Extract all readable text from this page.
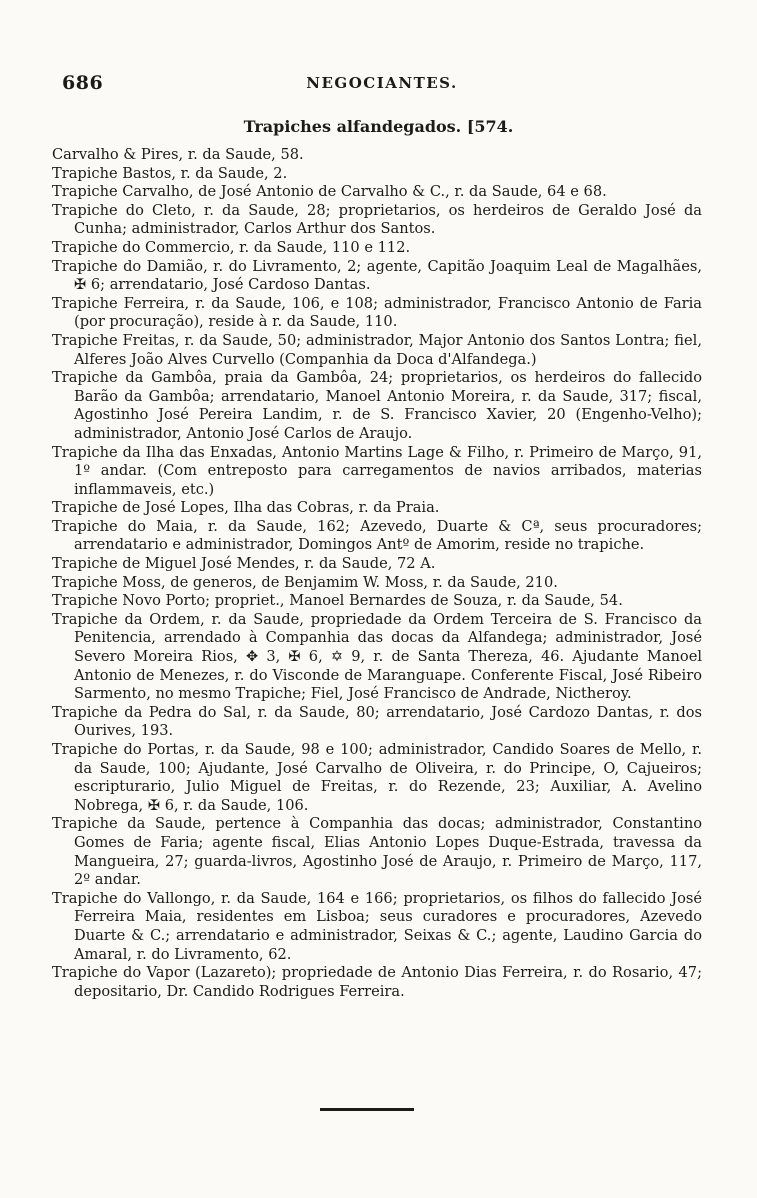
686	NEGOCIANTES.
Trapiches alfandegados. [574.

Carvalho & Pires, r. da Saude, 58.

Trapiche Bastos, r. da Saude, 2.

Trapiche Carvalho, de José Antonio de Carvalho & C., r. da Saude, 64 e 68.

Trapiche do Cleto, r. da Saude, 28; proprietarios, os herdeiros de Geraldo José da Cunha; administrador, Carlos Arthur dos Santos.

Trapiche do Commercio, r. da Saude, 110 e 112.

Trapiche do Damião, r. do Livramento, 2; agente, Capitão Joaquim Leal de Magalhães, ✠ 6; arrendatario, José Cardoso Dantas.

Trapiche Ferreira, r. da Saude, 106, e 108; administrador, Francisco Antonio de Faria (por procuração), reside à r. da Saude, 110.

Trapiche Freitas, r. da Saude, 50; administrador, Major Antonio dos Santos Lontra; fiel, Alferes João Alves Curvello (Companhia da Doca d'Alfandega.)

Trapiche da Gambôa, praia da Gambôa, 24; proprietarios, os herdeiros do fallecido Barão da Gambôa; arrendatario, Manoel Antonio Moreira, r. da Saude, 317; fiscal, Agostinho José Pereira Landim, r. de S. Francisco Xavier, 20 (Engenho-Velho); administrador, Antonio José Carlos de Araujo.

Trapiche da Ilha das Enxadas, Antonio Martins Lage & Filho, r. Primeiro de Março, 91, 1º andar. (Com entreposto para carregamentos de navios arribados, materias inflammaveis, etc.)

Trapiche de José Lopes, Ilha das Cobras, r. da Praia.

Trapiche do Maia, r. da Saude, 162; Azevedo, Duarte & Cª, seus procuradores; arrendatario e administrador, Domingos Antº de Amorim, reside no trapiche.

Trapiche de Miguel José Mendes, r. da Saude, 72 A.

Trapiche Moss, de generos, de Benjamim W. Moss, r. da Saude, 210.

Trapiche Novo Porto; propriet., Manoel Bernardes de Souza, r. da Saude, 54.

Trapiche da Ordem, r. da Saude, propriedade da Ordem Terceira de S. Francisco da Penitencia, arrendado à Companhia das docas da Alfandega; administrador, José Severo Moreira Rios, ✥ 3, ✠ 6, ✡ 9, r. de Santa Thereza, 46. Ajudante Manoel Antonio de Menezes, r. do Visconde de Maranguape. Conferente Fiscal, José Ribeiro Sarmento, no mesmo Trapiche; Fiel, José Francisco de Andrade, Nictheroy.

Trapiche da Pedra do Sal, r. da Saude, 80; arrendatario, José Cardozo Dantas, r. dos Ourives, 193.

Trapiche do Portas, r. da Saude, 98 e 100; administrador, Candido Soares de Mello, r. da Saude, 100; Ajudante, José Carvalho de Oliveira, r. do Principe, O, Cajueiros; escripturario, Julio Miguel de Freitas, r. do Rezende, 23; Auxiliar, A. Avelino Nobrega, ✠ 6, r. da Saude, 106.

Trapiche da Saude, pertence à Companhia das docas; administrador, Constantino Gomes de Faria; agente fiscal, Elias Antonio Lopes Duque-Estrada, travessa da Mangueira, 27; guarda-livros, Agostinho José de Araujo, r. Primeiro de Março, 117, 2º andar.

Trapiche do Vallongo, r. da Saude, 164 e 166; proprietarios, os filhos do fallecido José Ferreira Maia, residentes em Lisboa; seus curadores e procuradores, Azevedo Duarte & C.; arrendatario e administrador, Seixas & C.; agente, Laudino Garcia do Amaral, r. do Livramento, 62.

Trapiche do Vapor (Lazareto); propriedade de Antonio Dias Ferreira, r. do Rosario, 47; depositario, Dr. Candido Rodrigues Ferreira.
